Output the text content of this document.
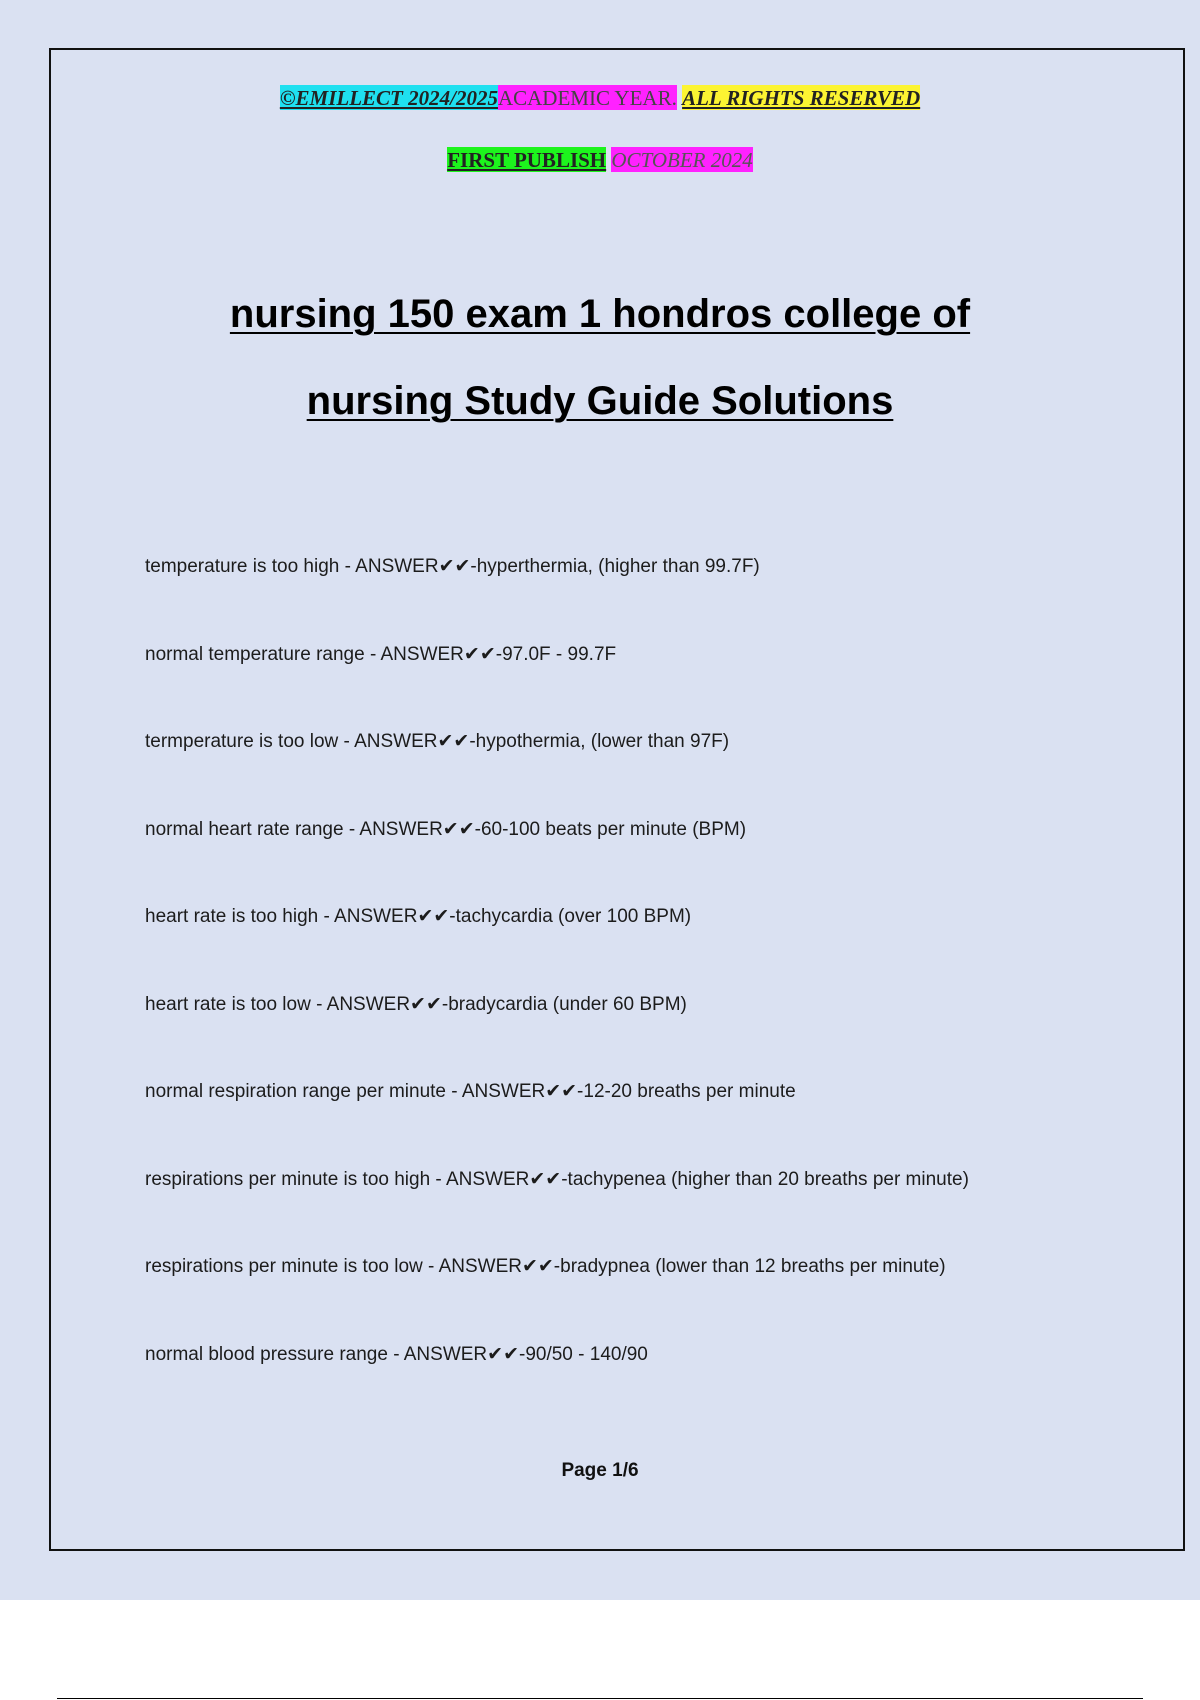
©EMILLECT 2024/2025ACADEMIC YEAR. ALL RIGHTS RESERVED
FIRST PUBLISH OCTOBER 2024
nursing 150 exam 1 hondros college of
nursing Study Guide Solutions
temperature is too high - ANSWER✔✔-hyperthermia, (higher than 99.7F)
normal temperature range - ANSWER✔✔-97.0F - 99.7F
termperature is too low - ANSWER✔✔-hypothermia, (lower than 97F)
normal heart rate range - ANSWER✔✔-60-100 beats per minute (BPM)
heart rate is too high - ANSWER✔✔-tachycardia (over 100 BPM)
heart rate is too low - ANSWER✔✔-bradycardia (under 60 BPM)
normal respiration range per minute - ANSWER✔✔-12-20 breaths per minute
respirations per minute is too high - ANSWER✔✔-tachypenea (higher than 20 breaths per minute)
respirations per minute is too low - ANSWER✔✔-bradypnea (lower than 12 breaths per minute)
normal blood pressure range - ANSWER✔✔-90/50 - 140/90
Page 1/6
